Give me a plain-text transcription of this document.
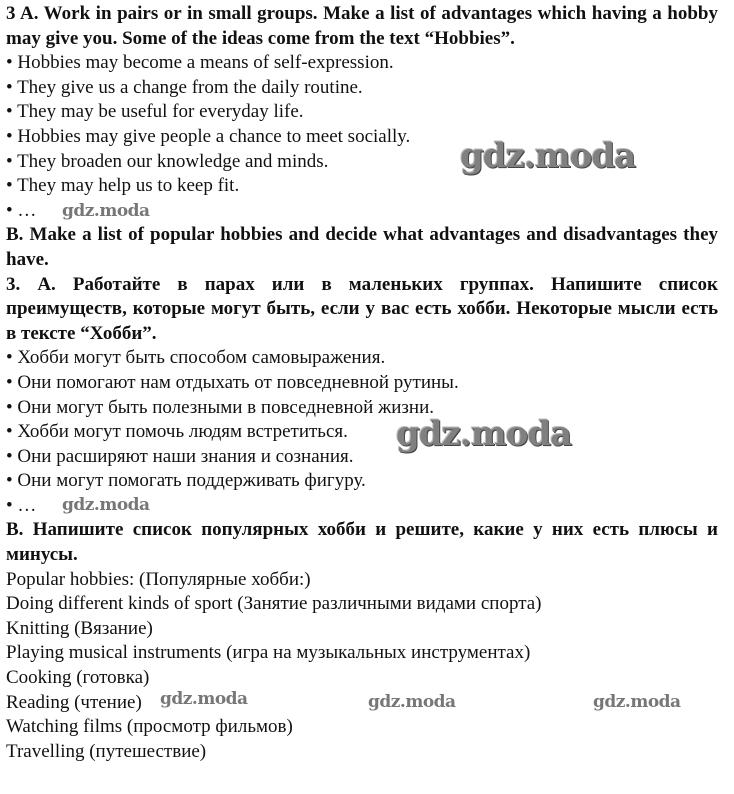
3 A. Work in pairs or in small groups. Make a list of advantages which having a hobby may give you. Some of the ideas come from the text “Hobbies”.
• Hobbies may become a means of self-expression.
• They give us a change from the daily routine.
• They may be useful for everyday life.
• Hobbies may give people a chance to meet socially.
• They broaden our knowledge and minds.
• They may help us to keep fit.
• …
B. Make a list of popular hobbies and decide what advantages and disadvantages they have.
3. А. Работайте в парах или в маленьких группах. Напишите список преимуществ, которые могут быть, если у вас есть хобби. Некоторые мысли есть в тексте “Хобби”.
• Хобби могут быть способом самовыражения.
• Они помогают нам отдыхать от повседневной рутины.
• Они могут быть полезными в повседневной жизни.
• Хобби могут помочь людям встретиться.
• Они расширяют наши знания и сознания.
• Они могут помогать поддерживать фигуру.
• …
В. Напишите список популярных хобби и решите, какие у них есть плюсы и минусы.
Popular hobbies: (Популярные хобби:)
Doing different kinds of sport (Занятие различными видами спорта)
Knitting (Вязание)
Playing musical instruments (игра на музыкальных инструментах)
Cooking (готовка)
Reading (чтение)
Watching films (просмотр фильмов)
Travelling (путешествие)
gdz.moda
gdz.moda
gdz.moda
gdz.moda
gdz.moda	gdz.moda	gdz.moda
